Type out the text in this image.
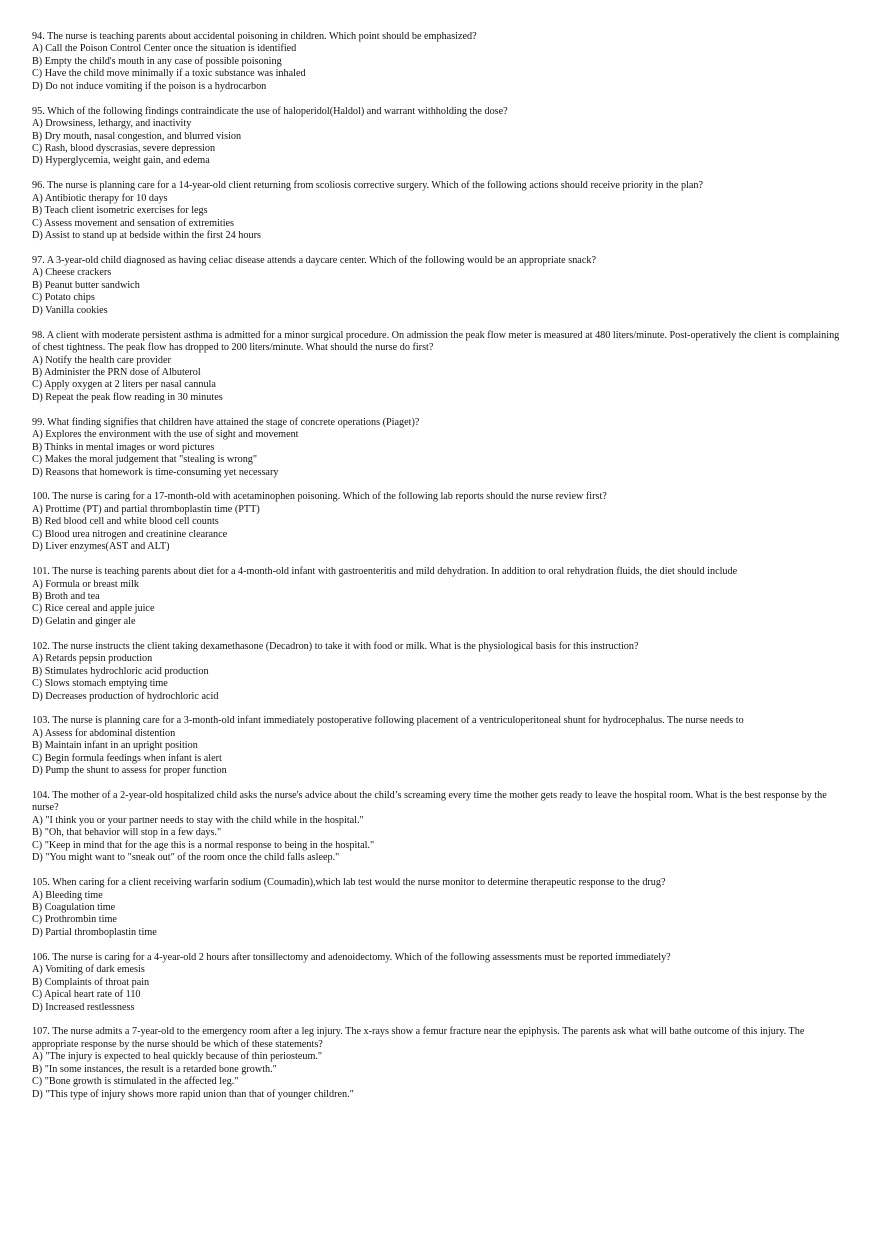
94. The nurse is teaching parents about accidental poisoning in children. Which point should be emphasized?

A) Call the Poison Control Center once the situation is identified
B) Empty the child's mouth in any case of possible poisoning
C) Have the child move minimally if a toxic substance was inhaled
D) Do not induce vomiting if the poison is a hydrocarbon

95. Which of the following findings contraindicate the use of haloperidol(Haldol) and warrant withholding the dose?

A) Drowsiness, lethargy, and inactivity
B) Dry mouth, nasal congestion, and blurred vision
C) Rash, blood dyscrasias, severe depression
D) Hyperglycemia, weight gain, and edema

96. The nurse is planning care for a 14-year-old client returning from scoliosis corrective surgery. Which of the following actions should receive priority in the plan?

A) Antibiotic therapy for 10 days
B) Teach client isometric exercises for legs
C) Assess movement and sensation of extremities
D) Assist to stand up at bedside within the first 24 hours

97. A 3-year-old child diagnosed as having celiac disease attends a daycare center. Which of the following would be an appropriate snack?

A) Cheese crackers
B) Peanut butter sandwich
C) Potato chips
D) Vanilla cookies

98. A client with moderate persistent asthma is admitted for a minor surgical procedure. On admission the peak flow meter is measured at 480 liters/minute. Post-operatively the client is complaining of chest tightness. The peak flow has dropped to 200 liters/minute. What should the nurse do first?

A) Notify the health care provider
B) Administer the PRN dose of Albuterol
C) Apply oxygen at 2 liters per nasal cannula
D) Repeat the peak flow reading in 30 minutes

99. What finding signifies that children have attained the stage of concrete operations (Piaget)?

A) Explores the environment with the use of sight and movement
B) Thinks in mental images or word pictures
C) Makes the moral judgement that "stealing is wrong"
D) Reasons that homework is time-consuming yet necessary

100. The nurse is caring for a 17-month-old with acetaminophen poisoning. Which of the following lab reports should the nurse review first?

A) Prottime (PT) and partial thromboplastin time (PTT)
B) Red blood cell and white blood cell counts
C) Blood urea nitrogen and creatinine clearance
D) Liver enzymes(AST and ALT)

101. The nurse is teaching parents about diet for a 4-month-old infant with gastroenteritis and mild dehydration. In addition to oral rehydration fluids, the diet should include

A) Formula or breast milk
B) Broth and tea
C) Rice cereal and apple juice
D) Gelatin and ginger ale

102. The nurse instructs the client taking dexamethasone (Decadron) to take it with food or milk. What is the physiological basis for this instruction?

A) Retards pepsin production
B) Stimulates hydrochloric acid production
C) Slows stomach emptying time
D) Decreases production of hydrochloric acid

103. The nurse is planning care for a 3-month-old infant immediately postoperative following placement of a ventriculoperitoneal shunt for hydrocephalus. The nurse needs to

A) Assess for abdominal distention
B) Maintain infant in an upright position
C) Begin formula feedings when infant is alert
D) Pump the shunt to assess for proper function

104. The mother of a 2-year-old hospitalized child asks the nurse's advice about the child’s screaming every time the mother gets ready to leave the hospital room. What is the best response by the nurse?

A) "I think you or your partner needs to stay with the child while in the hospital."
B) "Oh, that behavior will stop in a few days."
C) "Keep in mind that for the age this is a normal response to being in the hospital."
D) "You might want to "sneak out" of the room once the child falls asleep."

105. When caring for a client receiving warfarin sodium (Coumadin),which lab test would the nurse monitor to determine therapeutic response to the drug?

A) Bleeding time
B) Coagulation time
C) Prothrombin time
D) Partial thromboplastin time

106. The nurse is caring for a 4-year-old 2 hours after tonsillectomy and adenoidectomy. Which of the following assessments must be reported immediately?

A) Vomiting of dark emesis
B) Complaints of throat pain
C) Apical heart rate of 110
D) Increased restlessness

107. The nurse admits a 7-year-old to the emergency room after a leg injury. The x-rays show a femur fracture near the epiphysis. The parents ask what will bathe outcome of this injury. The appropriate response by the nurse should be which of these statements?

A) "The injury is expected to heal quickly because of thin periosteum."
B) "In some instances, the result is a retarded bone growth."
C) "Bone growth is stimulated in the affected leg."
D) "This type of injury shows more rapid union than that of younger children."
